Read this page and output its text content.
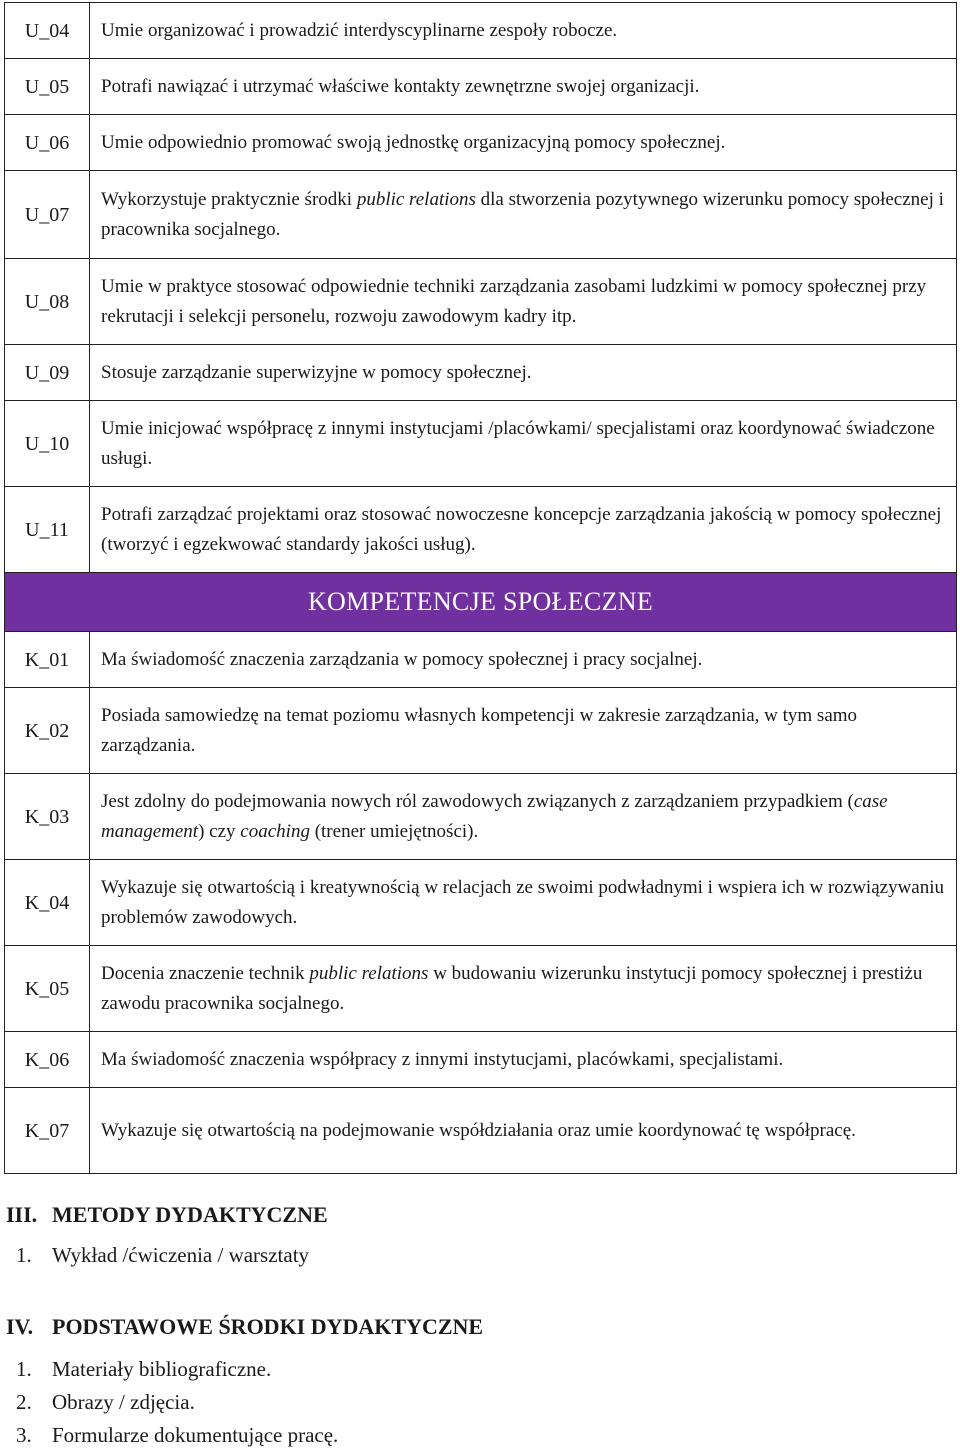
U_04	Umie organizować i prowadzić interdyscyplinarne zespoły robocze.
U_05	Potrafi nawiązać i utrzymać właściwe kontakty zewnętrzne swojej organizacji.
U_06	Umie odpowiednio promować swoją jednostkę organizacyjną pomocy społecznej.
U_07	Wykorzystuje praktycznie środki public relations dla stworzenia pozytywnego wizerunku pomocy społecznej i pracownika socjalnego.
U_08	Umie w praktyce stosować odpowiednie techniki zarządzania zasobami ludzkimi w pomocy społecznej przy rekrutacji i selekcji personelu, rozwoju zawodowym kadry itp.
U_09	Stosuje zarządzanie superwizyjne w pomocy społecznej.
U_10	Umie inicjować współpracę z innymi instytucjami /placówkami/ specjalistami oraz koordynować świadczone usługi.
U_11	Potrafi zarządzać projektami oraz stosować nowoczesne koncepcje zarządzania jakością w pomocy społecznej (tworzyć i egzekwować standardy jakości usług).
KOMPETENCJE SPOŁECZNE	
K_01	Ma świadomość znaczenia zarządzania w pomocy społecznej i pracy socjalnej.
K_02	Posiada samowiedzę na temat poziomu własnych kompetencji w zakresie zarządzania, w tym samo zarządzania.
K_03	Jest zdolny do podejmowania nowych ról zawodowych związanych z zarządzaniem przypadkiem (case management) czy coaching (trener umiejętności).
K_04	Wykazuje się otwartością i kreatywnością w relacjach ze swoimi podwładnymi i wspiera ich w rozwiązywaniu problemów zawodowych.
K_05	Docenia znaczenie technik public relations w budowaniu wizerunku instytucji pomocy społecznej i prestiżu zawodu pracownika socjalnego.
K_06	Ma świadomość znaczenia współpracy z innymi instytucjami, placówkami, specjalistami.
K_07	Wykazuje się otwartością na podejmowanie współdziałania oraz umie koordynować tę współpracę.
III. METODY DYDAKTYCZNE
1. Wykład /ćwiczenia / warsztaty
IV. PODSTAWOWE ŚRODKI DYDAKTYCZNE
1. Materiały bibliograficzne.
2. Obrazy / zdjęcia.
3. Formularze dokumentujące pracę.
